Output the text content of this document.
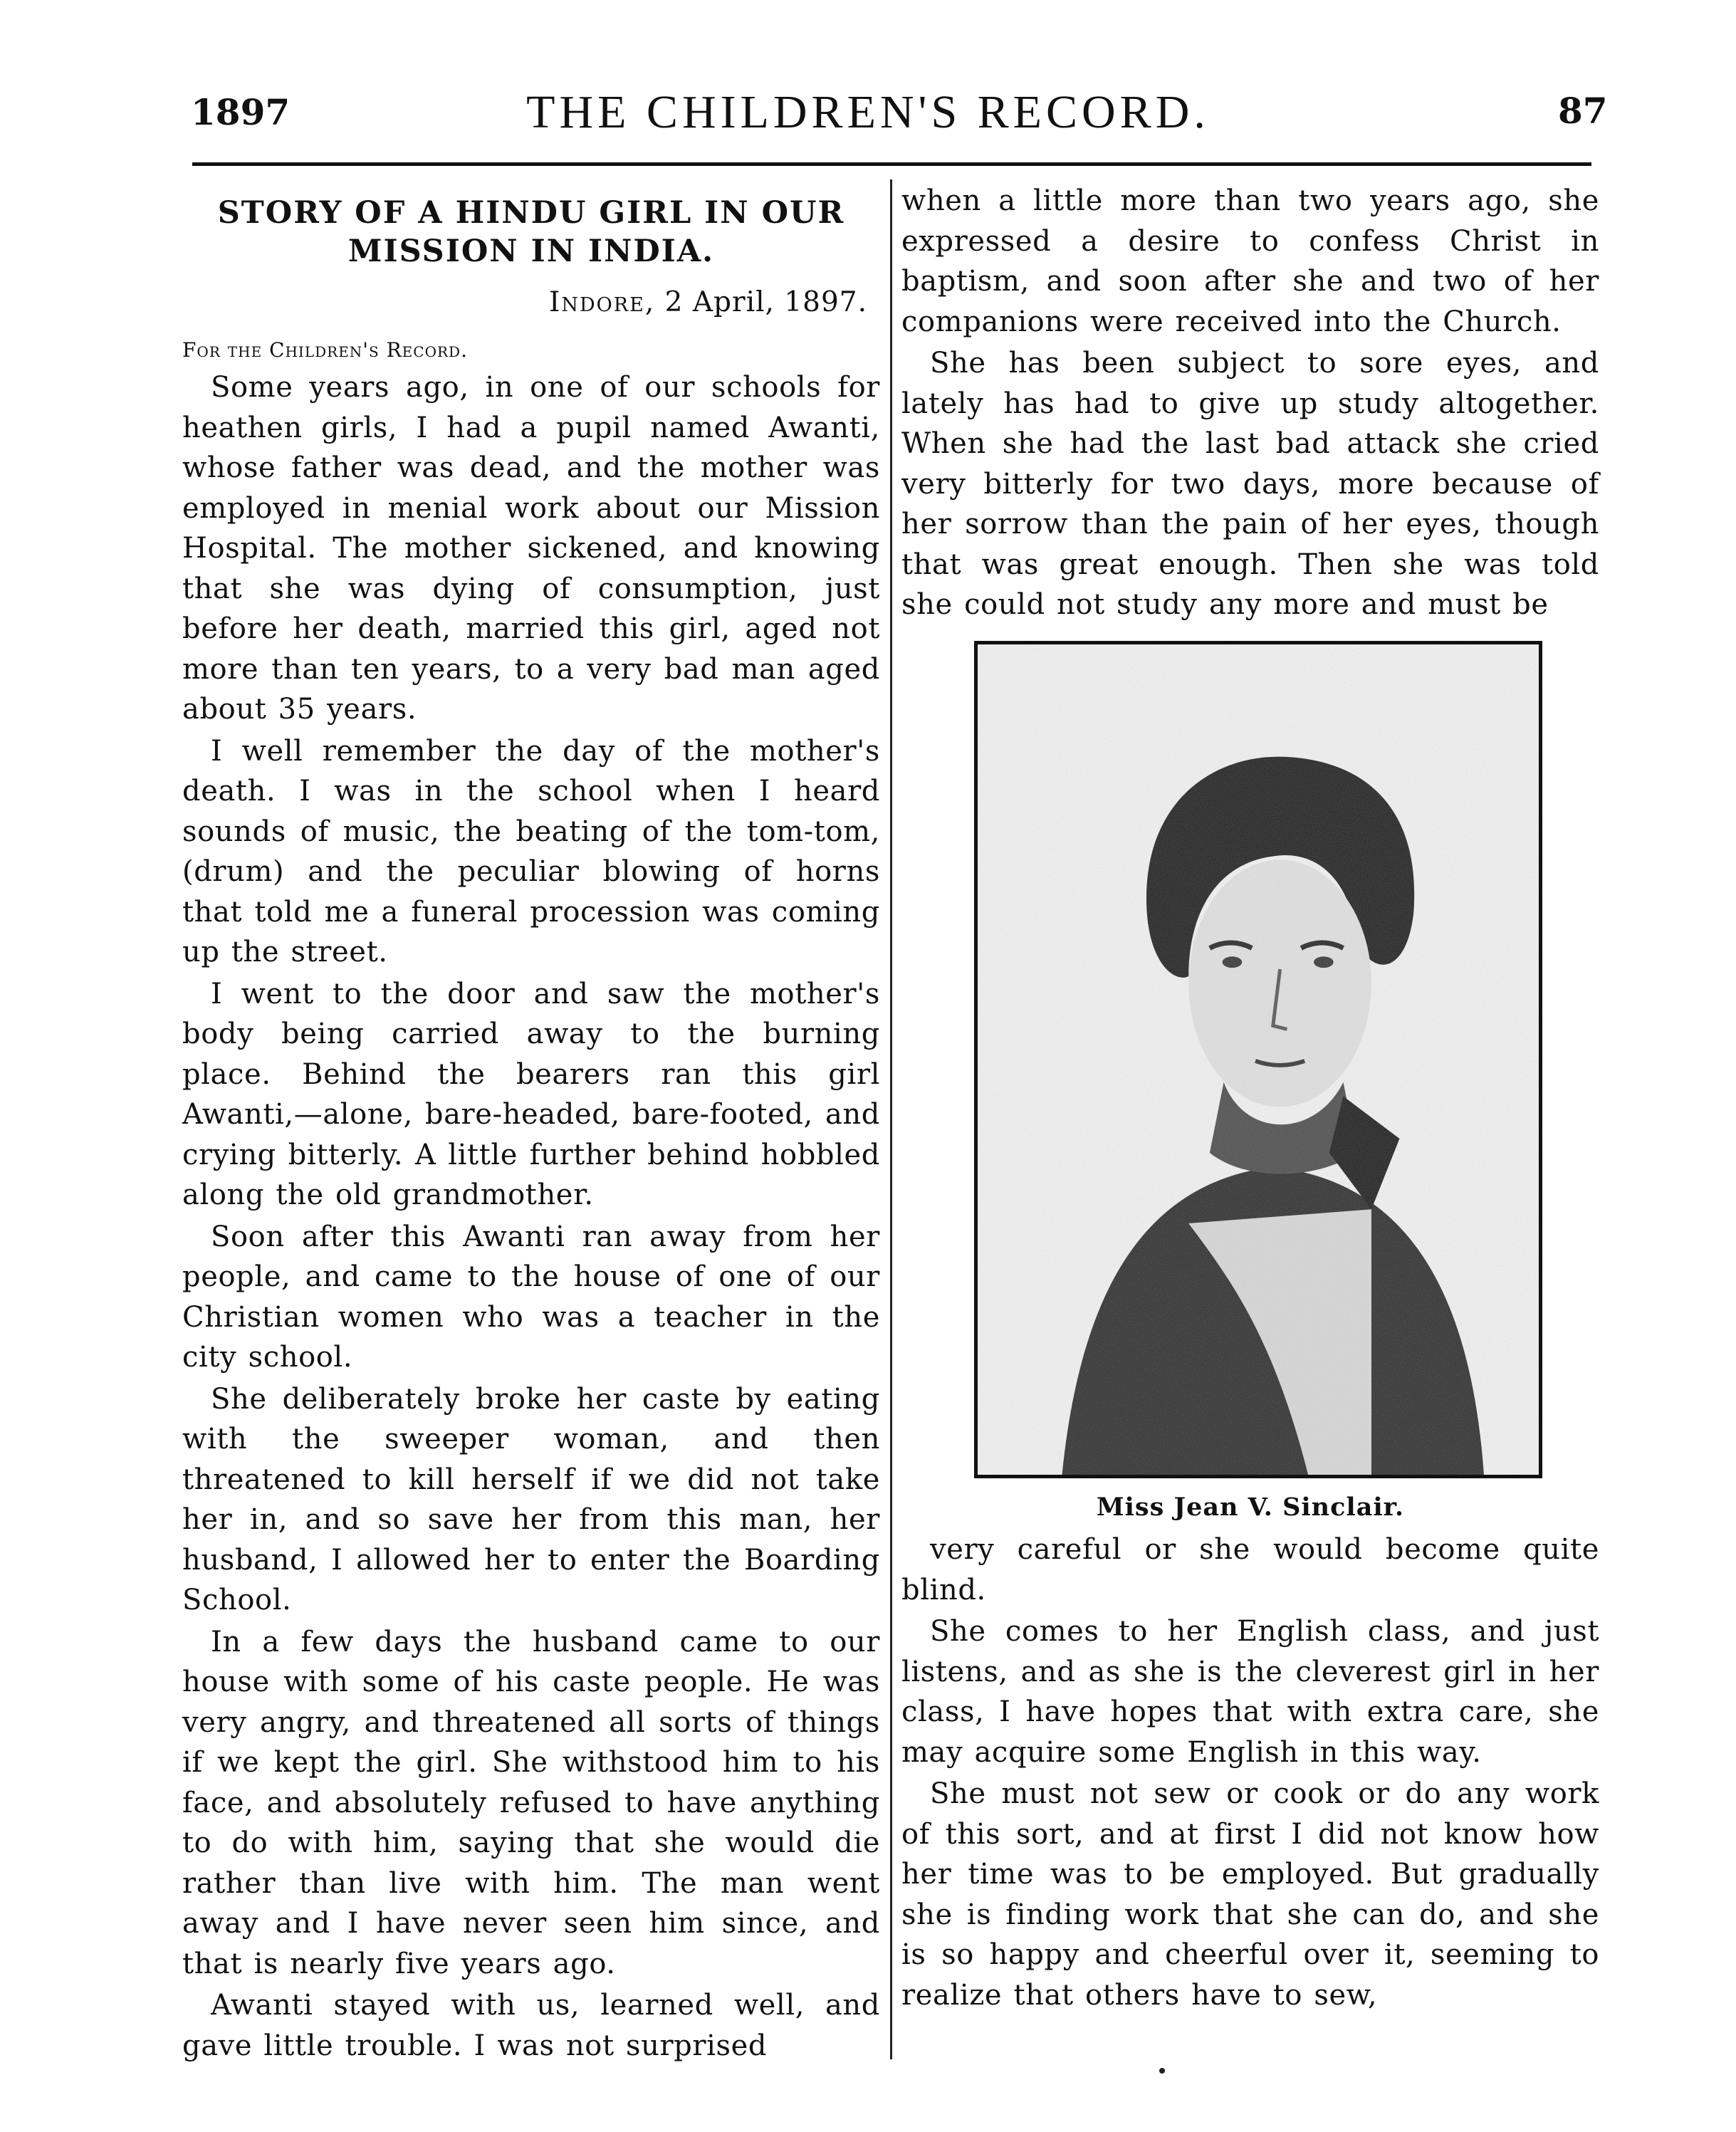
1897	THE CHILDREN'S RECORD.	87
STORY OF A HINDU GIRL IN OUR
MISSION IN INDIA.
Indore, 2 April, 1897.
For the Children's Record.

Some years ago, in one of our schools for heathen girls, I had a pupil named Awanti, whose father was dead, and the mother was employed in menial work about our Mission Hospital. The mother sickened, and knowing that she was dying of consumption, just before her death, married this girl, aged not more than ten years, to a very bad man aged about 35 years.

I well remember the day of the mother's death. I was in the school when I heard sounds of music, the beating of the tom-tom, (drum) and the peculiar blowing of horns that told me a funeral procession was coming up the street.

I went to the door and saw the mother's body being carried away to the burning place. Behind the bearers ran this girl Awanti,—alone, bare-headed, bare-footed, and crying bitterly. A little further behind hobbled along the old grandmother.

Soon after this Awanti ran away from her people, and came to the house of one of our Christian women who was a teacher in the city school.

She deliberately broke her caste by eating with the sweeper woman, and then threatened to kill herself if we did not take her in, and so save her from this man, her husband, I allowed her to enter the Boarding School.

In a few days the husband came to our house with some of his caste people. He was very angry, and threatened all sorts of things if we kept the girl. She withstood him to his face, and absolutely refused to have anything to do with him, saying that she would die rather than live with him. The man went away and I have never seen him since, and that is nearly five years ago.

Awanti stayed with us, learned well, and gave little trouble. I was not surprised

when a little more than two years ago, she expressed a desire to confess Christ in baptism, and soon after she and two of her companions were received into the Church.

She has been subject to sore eyes, and lately has had to give up study altogether. When she had the last bad attack she cried very bitterly for two days, more because of her sorrow than the pain of her eyes, though that was great enough. Then she was told she could not study any more and must be

Miss Jean V. Sinclair.

very careful or she would become quite blind.

She comes to her English class, and just listens, and as she is the cleverest girl in her class, I have hopes that with extra care, she may acquire some English in this way.

She must not sew or cook or do any work of this sort, and at first I did not know how her time was to be employed. But gradually she is finding work that she can do, and she is so happy and cheerful over it, seeming to realize that others have to sew,
